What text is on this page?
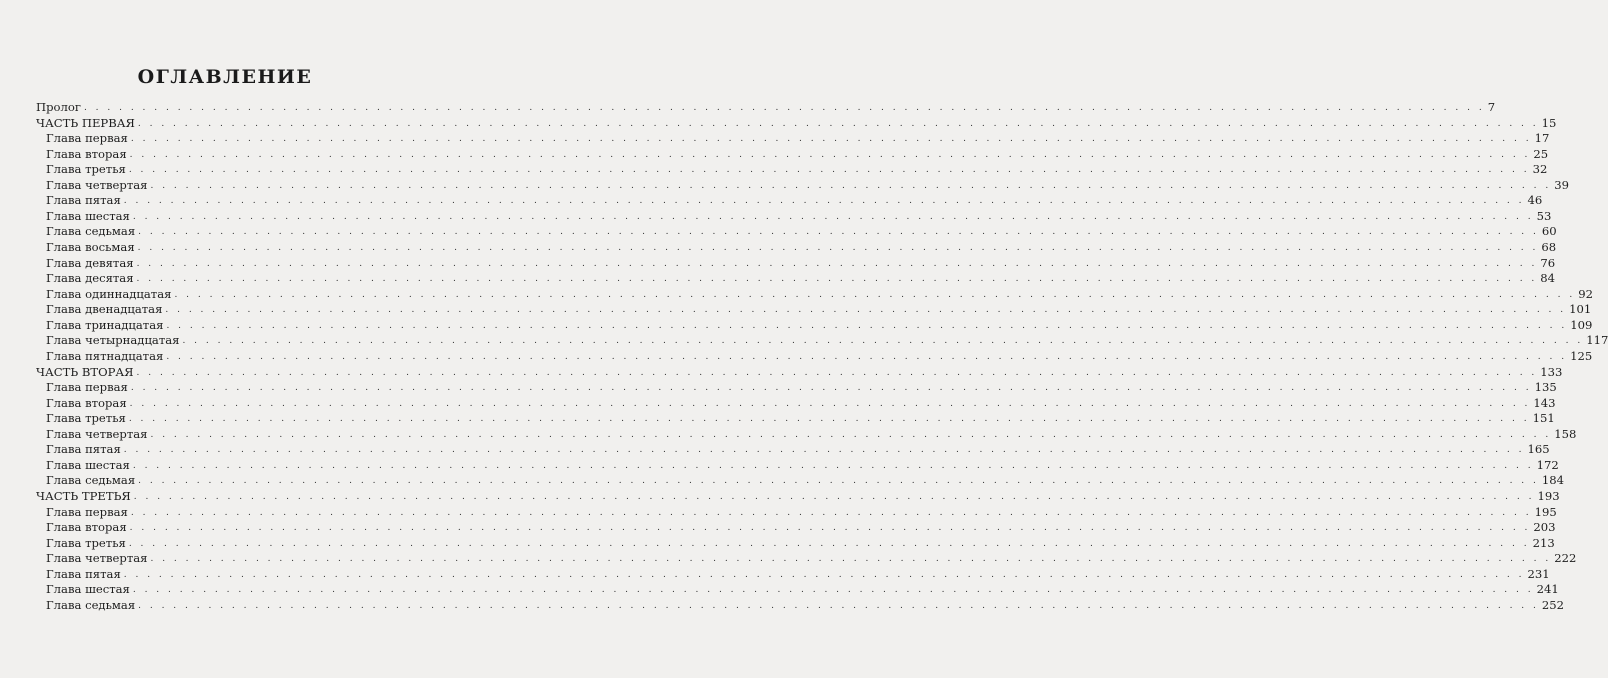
ОГЛАВЛЕНИЕ
Пролог . . . . . . . . . . . . . . . . . . . . . . . . . . . . . . . . . . . . . . . . . . . . . . . . . . . . . . . . . . . . . . . . . . . . . . . . . . . . . . . . . . . . . . . . . . . . . . . . . . . . . . . . . . . . . . . . . . . . . . . . 7
ЧАСТЬ ПЕРВАЯ . . . . . . . . . . . . . . . . . . . . . . . . . . . . . . . . . . . . . . . . . . . . . . . . . . . . . . . . . . . . . . . . . . . . . . . . . . . . . . . . . . . . . . . . . . . . . . . . . . . . . . . . . . . . . . . . . . . . . . . . 15
Глава первая . . . . . . . . . . . . . . . . . . . . . . . . . . . . . . . . . . . . . . . . . . . . . . . . . . . . . . . . . . . . . . . . . . . . . . . . . . . . . . . . . . . . . . . . . . . . . . . . . . . . . . . . . . . . . . . . . . . . . . . . 17
Глава вторая . . . . . . . . . . . . . . . . . . . . . . . . . . . . . . . . . . . . . . . . . . . . . . . . . . . . . . . . . . . . . . . . . . . . . . . . . . . . . . . . . . . . . . . . . . . . . . . . . . . . . . . . . . . . . . . . . . . . . . . . 25
Глава третья . . . . . . . . . . . . . . . . . . . . . . . . . . . . . . . . . . . . . . . . . . . . . . . . . . . . . . . . . . . . . . . . . . . . . . . . . . . . . . . . . . . . . . . . . . . . . . . . . . . . . . . . . . . . . . . . . . . . . . . . 32
Глава четвертая . . . . . . . . . . . . . . . . . . . . . . . . . . . . . . . . . . . . . . . . . . . . . . . . . . . . . . . . . . . . . . . . . . . . . . . . . . . . . . . . . . . . . . . . . . . . . . . . . . . . . . . . . . . . . . . . . . . . . . . . 39
Глава пятая . . . . . . . . . . . . . . . . . . . . . . . . . . . . . . . . . . . . . . . . . . . . . . . . . . . . . . . . . . . . . . . . . . . . . . . . . . . . . . . . . . . . . . . . . . . . . . . . . . . . . . . . . . . . . . . . . . . . . . . . 46
Глава шестая . . . . . . . . . . . . . . . . . . . . . . . . . . . . . . . . . . . . . . . . . . . . . . . . . . . . . . . . . . . . . . . . . . . . . . . . . . . . . . . . . . . . . . . . . . . . . . . . . . . . . . . . . . . . . . . . . . . . . . . . 53
Глава седьмая . . . . . . . . . . . . . . . . . . . . . . . . . . . . . . . . . . . . . . . . . . . . . . . . . . . . . . . . . . . . . . . . . . . . . . . . . . . . . . . . . . . . . . . . . . . . . . . . . . . . . . . . . . . . . . . . . . . . . . . . 60
Глава восьмая . . . . . . . . . . . . . . . . . . . . . . . . . . . . . . . . . . . . . . . . . . . . . . . . . . . . . . . . . . . . . . . . . . . . . . . . . . . . . . . . . . . . . . . . . . . . . . . . . . . . . . . . . . . . . . . . . . . . . . . . 68
Глава девятая . . . . . . . . . . . . . . . . . . . . . . . . . . . . . . . . . . . . . . . . . . . . . . . . . . . . . . . . . . . . . . . . . . . . . . . . . . . . . . . . . . . . . . . . . . . . . . . . . . . . . . . . . . . . . . . . . . . . . . . . 76
Глава десятая . . . . . . . . . . . . . . . . . . . . . . . . . . . . . . . . . . . . . . . . . . . . . . . . . . . . . . . . . . . . . . . . . . . . . . . . . . . . . . . . . . . . . . . . . . . . . . . . . . . . . . . . . . . . . . . . . . . . . . . . 84
Глава одиннадцатая . . . . . . . . . . . . . . . . . . . . . . . . . . . . . . . . . . . . . . . . . . . . . . . . . . . . . . . . . . . . . . . . . . . . . . . . . . . . . . . . . . . . . . . . . . . . . . . . . . . . . . . . . . . . . . . . . . . . . . . . 92
Глава двенадцатая . . . . . . . . . . . . . . . . . . . . . . . . . . . . . . . . . . . . . . . . . . . . . . . . . . . . . . . . . . . . . . . . . . . . . . . . . . . . . . . . . . . . . . . . . . . . . . . . . . . . . . . . . . . . . . . . . . . . . . . . 101
Глава тринадцатая . . . . . . . . . . . . . . . . . . . . . . . . . . . . . . . . . . . . . . . . . . . . . . . . . . . . . . . . . . . . . . . . . . . . . . . . . . . . . . . . . . . . . . . . . . . . . . . . . . . . . . . . . . . . . . . . . . . . . . . . 109
Глава четырнадцатая . . . . . . . . . . . . . . . . . . . . . . . . . . . . . . . . . . . . . . . . . . . . . . . . . . . . . . . . . . . . . . . . . . . . . . . . . . . . . . . . . . . . . . . . . . . . . . . . . . . . . . . . . . . . . . . . . . . . . . . . 117
Глава пятнадцатая . . . . . . . . . . . . . . . . . . . . . . . . . . . . . . . . . . . . . . . . . . . . . . . . . . . . . . . . . . . . . . . . . . . . . . . . . . . . . . . . . . . . . . . . . . . . . . . . . . . . . . . . . . . . . . . . . . . . . . . . 125
ЧАСТЬ ВТОРАЯ . . . . . . . . . . . . . . . . . . . . . . . . . . . . . . . . . . . . . . . . . . . . . . . . . . . . . . . . . . . . . . . . . . . . . . . . . . . . . . . . . . . . . . . . . . . . . . . . . . . . . . . . . . . . . . . . . . . . . . . . 133
Глава первая . . . . . . . . . . . . . . . . . . . . . . . . . . . . . . . . . . . . . . . . . . . . . . . . . . . . . . . . . . . . . . . . . . . . . . . . . . . . . . . . . . . . . . . . . . . . . . . . . . . . . . . . . . . . . . . . . . . . . . . . 135
Глава вторая . . . . . . . . . . . . . . . . . . . . . . . . . . . . . . . . . . . . . . . . . . . . . . . . . . . . . . . . . . . . . . . . . . . . . . . . . . . . . . . . . . . . . . . . . . . . . . . . . . . . . . . . . . . . . . . . . . . . . . . . 143
Глава третья . . . . . . . . . . . . . . . . . . . . . . . . . . . . . . . . . . . . . . . . . . . . . . . . . . . . . . . . . . . . . . . . . . . . . . . . . . . . . . . . . . . . . . . . . . . . . . . . . . . . . . . . . . . . . . . . . . . . . . . . 151
Глава четвертая . . . . . . . . . . . . . . . . . . . . . . . . . . . . . . . . . . . . . . . . . . . . . . . . . . . . . . . . . . . . . . . . . . . . . . . . . . . . . . . . . . . . . . . . . . . . . . . . . . . . . . . . . . . . . . . . . . . . . . . . 158
Глава пятая . . . . . . . . . . . . . . . . . . . . . . . . . . . . . . . . . . . . . . . . . . . . . . . . . . . . . . . . . . . . . . . . . . . . . . . . . . . . . . . . . . . . . . . . . . . . . . . . . . . . . . . . . . . . . . . . . . . . . . . . 165
Глава шестая . . . . . . . . . . . . . . . . . . . . . . . . . . . . . . . . . . . . . . . . . . . . . . . . . . . . . . . . . . . . . . . . . . . . . . . . . . . . . . . . . . . . . . . . . . . . . . . . . . . . . . . . . . . . . . . . . . . . . . . . 172
Глава седьмая . . . . . . . . . . . . . . . . . . . . . . . . . . . . . . . . . . . . . . . . . . . . . . . . . . . . . . . . . . . . . . . . . . . . . . . . . . . . . . . . . . . . . . . . . . . . . . . . . . . . . . . . . . . . . . . . . . . . . . . . 184
ЧАСТЬ ТРЕТЬЯ . . . . . . . . . . . . . . . . . . . . . . . . . . . . . . . . . . . . . . . . . . . . . . . . . . . . . . . . . . . . . . . . . . . . . . . . . . . . . . . . . . . . . . . . . . . . . . . . . . . . . . . . . . . . . . . . . . . . . . . . 193
Глава первая . . . . . . . . . . . . . . . . . . . . . . . . . . . . . . . . . . . . . . . . . . . . . . . . . . . . . . . . . . . . . . . . . . . . . . . . . . . . . . . . . . . . . . . . . . . . . . . . . . . . . . . . . . . . . . . . . . . . . . . . 195
Глава вторая . . . . . . . . . . . . . . . . . . . . . . . . . . . . . . . . . . . . . . . . . . . . . . . . . . . . . . . . . . . . . . . . . . . . . . . . . . . . . . . . . . . . . . . . . . . . . . . . . . . . . . . . . . . . . . . . . . . . . . . . 203
Глава третья . . . . . . . . . . . . . . . . . . . . . . . . . . . . . . . . . . . . . . . . . . . . . . . . . . . . . . . . . . . . . . . . . . . . . . . . . . . . . . . . . . . . . . . . . . . . . . . . . . . . . . . . . . . . . . . . . . . . . . . . 213
Глава четвертая . . . . . . . . . . . . . . . . . . . . . . . . . . . . . . . . . . . . . . . . . . . . . . . . . . . . . . . . . . . . . . . . . . . . . . . . . . . . . . . . . . . . . . . . . . . . . . . . . . . . . . . . . . . . . . . . . . . . . . . . 222
Глава пятая . . . . . . . . . . . . . . . . . . . . . . . . . . . . . . . . . . . . . . . . . . . . . . . . . . . . . . . . . . . . . . . . . . . . . . . . . . . . . . . . . . . . . . . . . . . . . . . . . . . . . . . . . . . . . . . . . . . . . . . . 231
Глава шестая . . . . . . . . . . . . . . . . . . . . . . . . . . . . . . . . . . . . . . . . . . . . . . . . . . . . . . . . . . . . . . . . . . . . . . . . . . . . . . . . . . . . . . . . . . . . . . . . . . . . . . . . . . . . . . . . . . . . . . . . 241
Глава седьмая . . . . . . . . . . . . . . . . . . . . . . . . . . . . . . . . . . . . . . . . . . . . . . . . . . . . . . . . . . . . . . . . . . . . . . . . . . . . . . . . . . . . . . . . . . . . . . . . . . . . . . . . . . . . . . . . . . . . . . . . 252
